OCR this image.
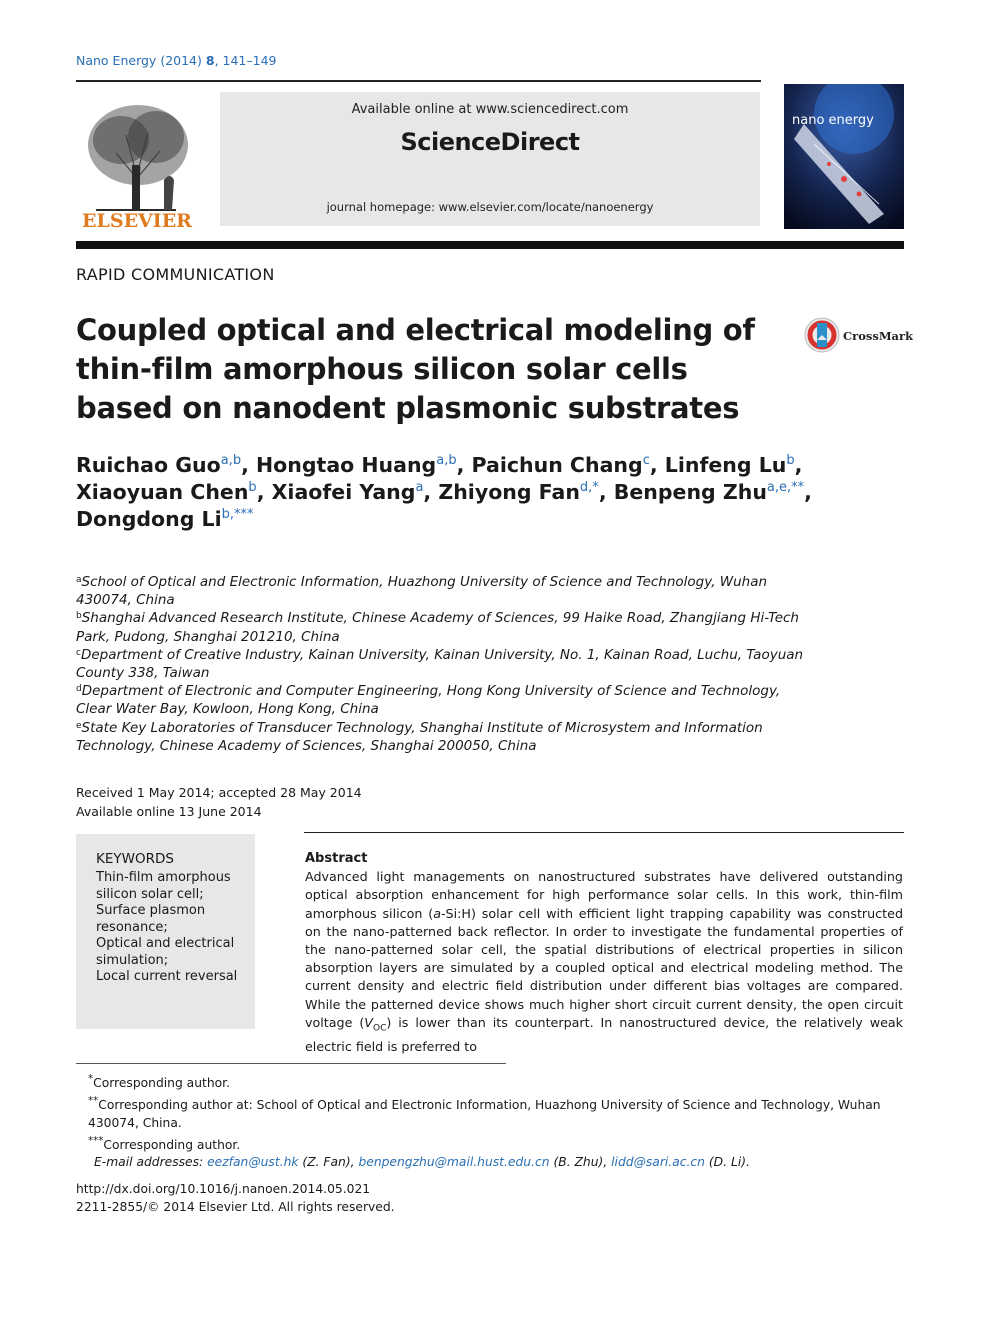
Nano Energy (2014) 8, 141–149
ELSEVIER
Available online at www.sciencedirect.com
ScienceDirect
journal homepage: www.elsevier.com/locate/nanoenergy
nano energy
RAPID COMMUNICATION
Coupled optical and electrical modeling of thin-film amorphous silicon solar cells based on nanodent plasmonic substrates
CrossMark
Ruichao Guo$^{a,b}$, Hongtao Huang$^{a,b}$, Paichun Chang$^c$, Linfeng Lu$^b$,
Xiaoyuan Chen$^b$, Xiaofei Yang$^a$, Zhiyong Fan$^{d,*}$, Benpeng Zhu$^{a,e,**}$,
Dongdong $Li^{b,***}$
$^a$School of Optical and Electronic Information, Huazhong University of Science and Technology, Wuhan 430074, China
$^b$Shanghai Advanced Research Institute, Chinese Academy of Sciences, 99 Haike Road, Zhangjiang Hi-Tech Park, Pudong, Shanghai 201210, China
$^c$Department of Creative Industry, Kainan University, Kainan University, No. 1, Kainan Road, Luchu, Taoyuan County 338, Taiwan
$^d$Department of Electronic and Computer Engineering, Hong Kong University of Science and Technology, Clear Water Bay, Kowloon, Hong Kong, China
$^e$State Key Laboratories of Transducer Technology, Shanghai Institute of Microsystem and Information Technology, Chinese Academy of Sciences, Shanghai 200050, China
Received 1 May 2014; accepted 28 May 2014
Available online 13 June 2014
KEYWORDS
Thin-film amorphous silicon solar cell;
Surface plasmon resonance;
Optical and electrical simulation;
Local current reversal
Abstract
Advanced light managements on nanostructured substrates have delivered outstanding optical absorption enhancement for high performance solar cells. In this work, thin-film amorphous silicon (a-Si:H) solar cell with efficient light trapping capability was constructed on the nano-patterned back reflector. In order to investigate the fundamental properties of the nano-patterned solar cell, the spatial distributions of electrical properties in silicon absorption layers are simulated by a coupled optical and electrical modeling method. The current density and electric field distribution under different bias voltages are compared. While the patterned device shows much higher short circuit current density, the open circuit voltage $(V_{OC})$ is lower than its counterpart. In nanostructured device, the relatively weak electric field is preferred to
*Corresponding author.
**Corresponding author at: School of Optical and Electronic Information, Huazhong University of Science and Technology, Wuhan 430074, China.
***Corresponding author.
E-mail addresses: eezfan@ust.hk (Z. Fan), benpengzhu@mail.hust.edu.cn (B. Zhu), lidd@sari.ac.cn (D. Li).
http://dx.doi.org/10.1016/j.nanoen.2014.05.021
2211-2855/© 2014 Elsevier Ltd. All rights reserved.
